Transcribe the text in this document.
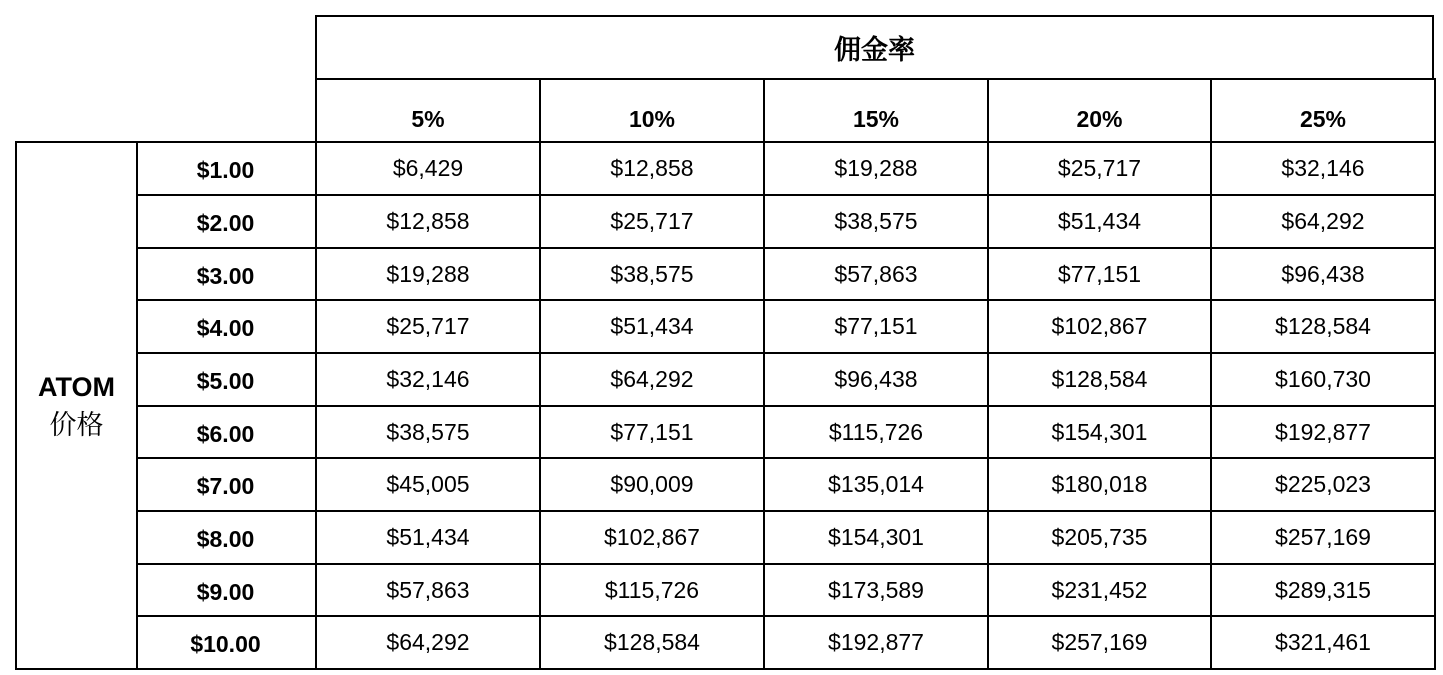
佣金率
5%	10%	15%	20%	25%
ATOM
价格
$1.00	$6,429	$12,858	$19,288	$25,717	$32,146
$2.00	$12,858	$25,717	$38,575	$51,434	$64,292
$3.00	$19,288	$38,575	$57,863	$77,151	$96,438
$4.00	$25,717	$51,434	$77,151	$102,867	$128,584
$5.00	$32,146	$64,292	$96,438	$128,584	$160,730
$6.00	$38,575	$77,151	$115,726	$154,301	$192,877
$7.00	$45,005	$90,009	$135,014	$180,018	$225,023
$8.00	$51,434	$102,867	$154,301	$205,735	$257,169
$9.00	$57,863	$115,726	$173,589	$231,452	$289,315
$10.00	$64,292	$128,584	$192,877	$257,169	$321,461
